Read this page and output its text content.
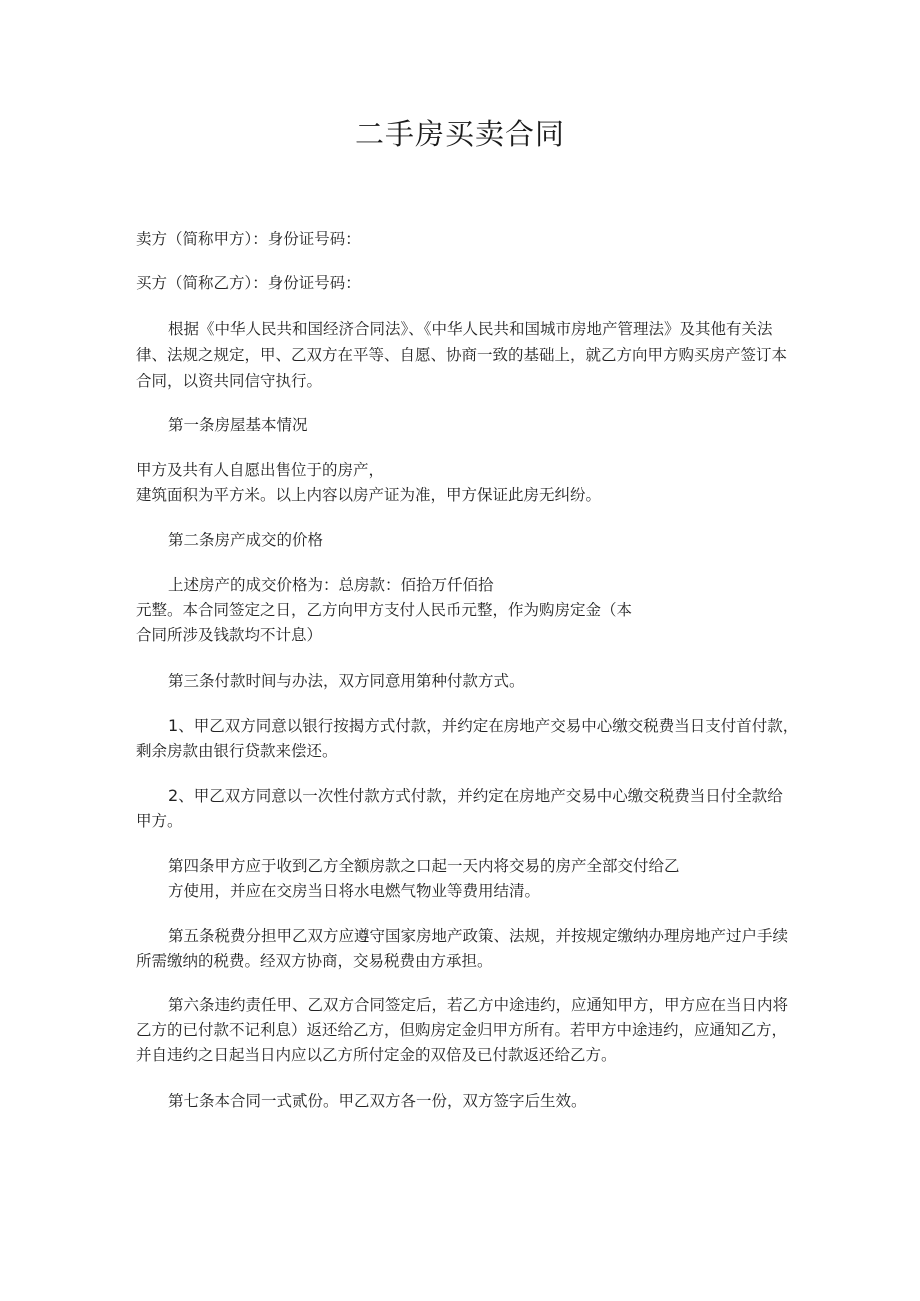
二手房买卖合同

卖方（简称甲方）：身份证号码：

买方（简称乙方）：身份证号码：

根据《中华人民共和国经济合同法》、《中华人民共和国城市房地产管理法》及其他有关法

律、法规之规定，甲、乙双方在平等、自愿、协商一致的基础上，就乙方向甲方购买房产签订本

合同，以资共同信守执行。

第一条房屋基本情况

甲方及共有人自愿出售位于的房产，

建筑面积为平方米。以上内容以房产证为准，甲方保证此房无纠纷。

第二条房产成交的价格

上述房产的成交价格为：总房款：佰拾万仟佰拾

元整。本合同签定之日，乙方向甲方支付人民币元整，作为购房定金（本

合同所涉及钱款均不计息）

第三条付款时间与办法，双方同意用第种付款方式。

1、甲乙双方同意以银行按揭方式付款，并约定在房地产交易中心缴交税费当日支付首付款，

剩余房款由银行贷款来偿还。

2、甲乙双方同意以一次性付款方式付款，并约定在房地产交易中心缴交税费当日付全款给

甲方。

第四条甲方应于收到乙方全额房款之口起一天内将交易的房产全部交付给乙

方使用，并应在交房当日将水电燃气物业等费用结清。

第五条税费分担甲乙双方应遵守国家房地产政策、法规，并按规定缴纳办理房地产过户手续

所需缴纳的税费。经双方协商，交易税费由方承担。

第六条违约责任甲、乙双方合同签定后，若乙方中途违约，应通知甲方，甲方应在当日内将

乙方的已付款不记利息）返还给乙方，但购房定金归甲方所有。若甲方中途违约，应通知乙方，

并自违约之日起当日内应以乙方所付定金的双倍及已付款返还给乙方。

第七条本合同一式贰份。甲乙双方各一份，双方签字后生效。
